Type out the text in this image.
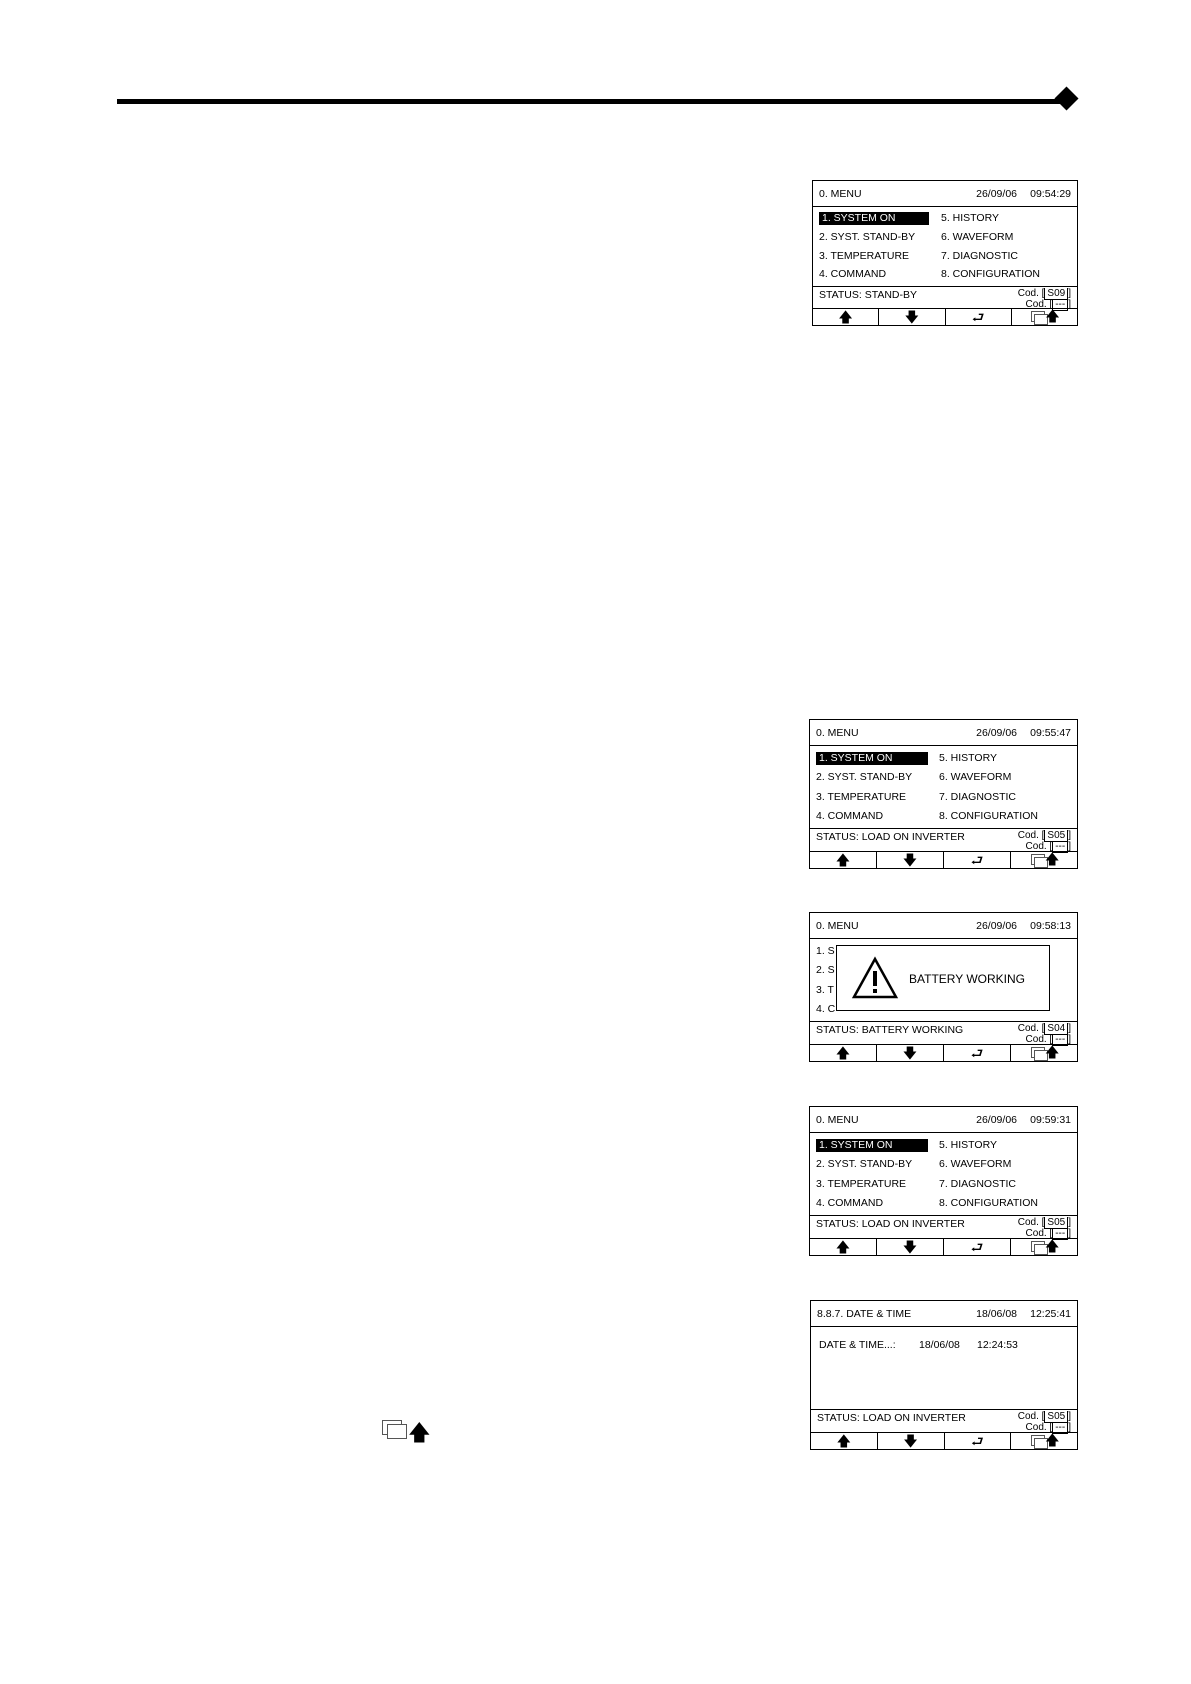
0. MENU	26/09/06 09:54:29
1. SYSTEM ON
2. SYST. STAND-BY
3. TEMPERATURE
4. COMMAND
5. HISTORY
6. WAVEFORM
7. DIAGNOSTIC
8. CONFIGURATION
STATUS: STAND-BY	Cod. [ S09 ]
Cod. [ --- ]
🡅	🡇	⮐	🡅
0. MENU	26/09/06 09:55:47
1. SYSTEM ON
2. SYST. STAND-BY
3. TEMPERATURE
4. COMMAND
5. HISTORY
6. WAVEFORM
7. DIAGNOSTIC
8. CONFIGURATION
STATUS: LOAD ON INVERTER	Cod. [ S05 ]
Cod. [ --- ]
🡅	🡇	⮐	🡅
0. MENU	26/09/06 09:58:13
1. S
2. S
3. T
4. C
BATTERY WORKING
STATUS: BATTERY WORKING	Cod. [ S04 ]
Cod. [ --- ]
🡅	🡇	⮐	🡅
0. MENU	26/09/06 09:59:31
1. SYSTEM ON
2. SYST. STAND-BY
3. TEMPERATURE
4. COMMAND
5. HISTORY
6. WAVEFORM
7. DIAGNOSTIC
8. CONFIGURATION
STATUS: LOAD ON INVERTER	Cod. [ S05 ]
Cod. [ --- ]
🡅	🡇	⮐	🡅
8.8.7. DATE & TIME	18/06/08 12:25:41
DATE & TIME...: 18/06/08 12:24:53
STATUS: LOAD ON INVERTER	Cod. [ S05 ]
Cod. [ --- ]
🡅	🡇	⮐	🡅
🡅
